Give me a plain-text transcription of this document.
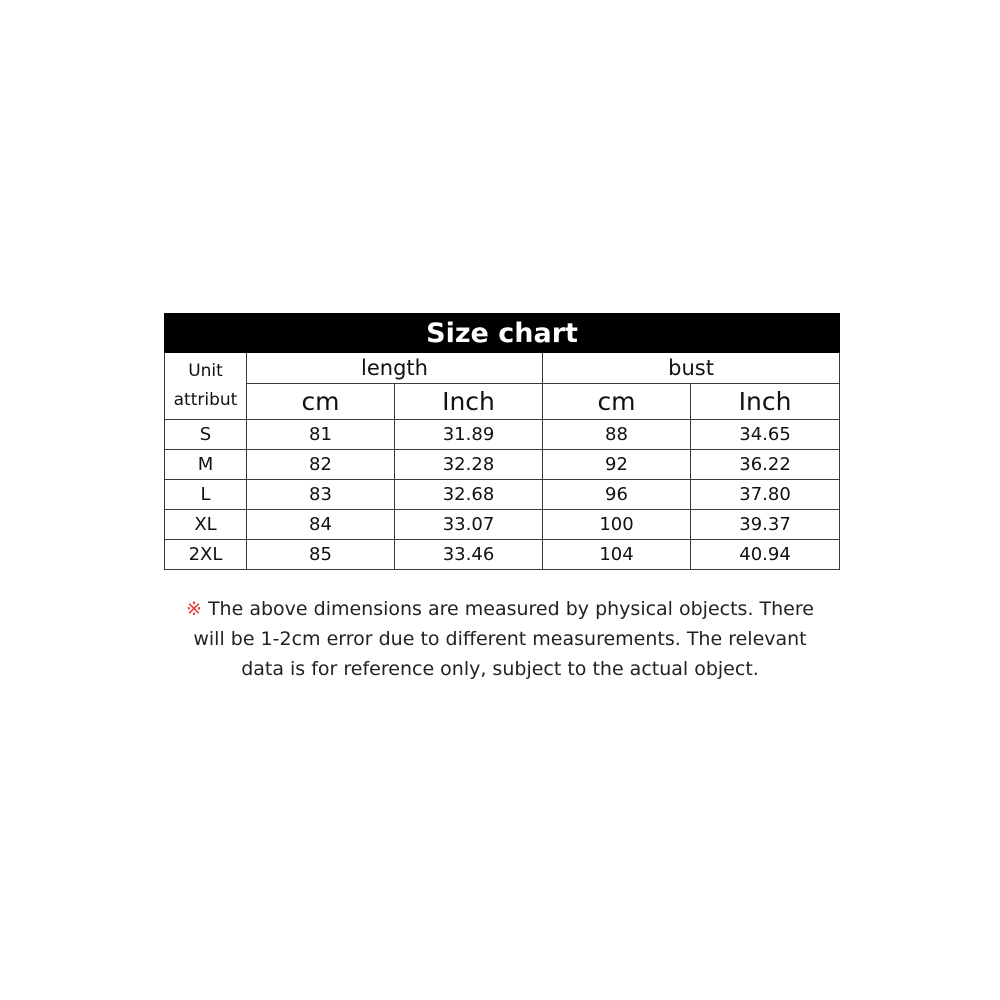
Size chart				

Unit
attribut	length		bust	
	cm	Inch	cm	Inch
S	81	31.89	88	34.65
M	82	32.28	92	36.22
L	83	32.68	96	37.80
XL	84	33.07	100	39.37
2XL	85	33.46	104	40.94
※ The above dimensions are measured by physical objects. There
will be 1-2cm error due to different measurements. The relevant
data is for reference only, subject to the actual object.
